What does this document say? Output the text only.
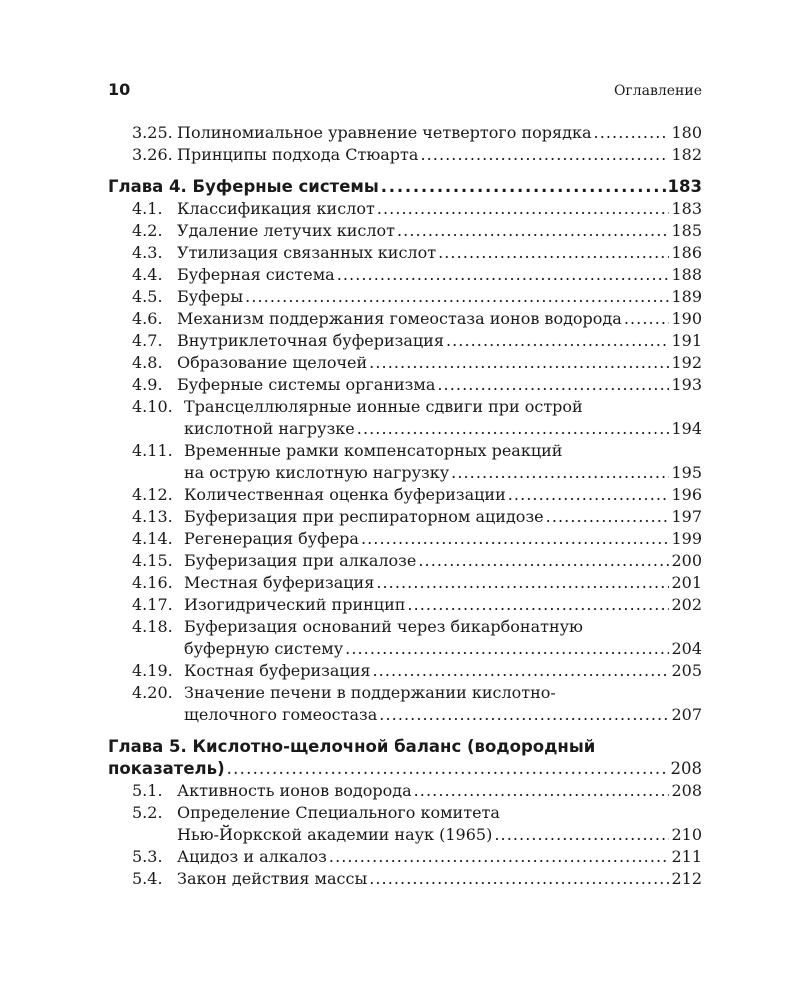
10	Оглавление
3.25. Полиномиальное уравнение четвертого порядка . . .	180
3.26. Принципы подхода Стюарта . . .	182
Глава 4. Буферные системы . . .	183
4.1. Классификация кислот . . .	183
4.2. Удаление летучих кислот . . .	185
4.3. Утилизация связанных кислот . . .	186
4.4. Буферная система . . .	188
4.5. Буферы . . .	189
4.6. Механизм поддержания гомеостаза ионов водорода . . .	190
4.7. Внутриклеточная буферизация . . .	191
4.8. Образование щелочей . . .	192
4.9. Буферные системы организма . . .	193
4.10. Трансцеллюлярные ионные сдвиги при острой
кислотной нагрузке . . .	194
4.11. Временные рамки компенсаторных реакций
на острую кислотную нагрузку . . .	195
4.12. Количественная оценка буферизации . . .	196
4.13. Буферизация при респираторном ацидозе . . .	197
4.14. Регенерация буфера . . .	199
4.15. Буферизация при алкалозе . . .	200
4.16. Местная буферизация . . .	201
4.17. Изогидрический принцип . . .	202
4.18. Буферизация оснований через бикарбонатную
буферную систему . . .	204
4.19. Костная буферизация . . .	205
4.20. Значение печени в поддержании кислотно-
щелочного гомеостаза . . .	207
Глава 5. Кислотно-щелочной баланс (водородный
показатель) . . .	208
5.1. Активность ионов водорода . . .	208
5.2. Определение Специального комитета
Нью-Йоркской академии наук (1965) . . .	210
5.3. Ацидоз и алкалоз . . .	211
5.4. Закон действия массы . . .	212
